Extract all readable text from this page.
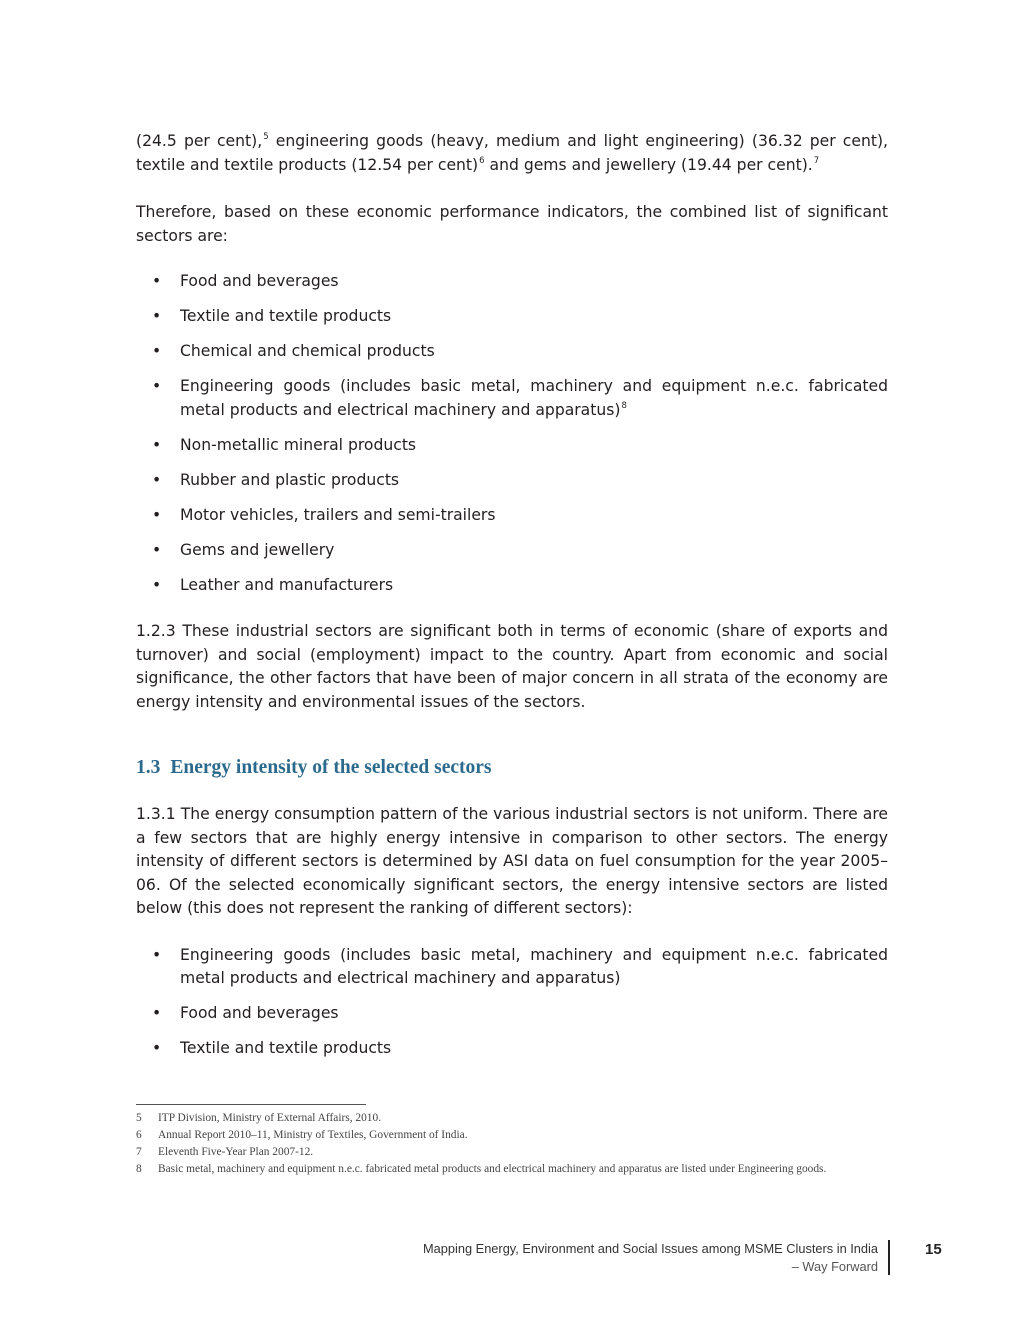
(24.5 per cent),$^5$ engineering goods (heavy, medium and light engineering) (36.32 per cent), textile and textile products (12.54 per cent)$^6$ and gems and jewellery (19.44 per cent).$^7$

Therefore, based on these economic performance indicators, the combined list of significant sectors are:

• Food and beverages
• Textile and textile products
• Chemical and chemical products
• Engineering goods (includes basic metal, machinery and equipment n.e.c. fabricated metal products and electrical machinery and apparatus)$^8$
• Non-metallic mineral products
• Rubber and plastic products
• Motor vehicles, trailers and semi-trailers
• Gems and jewellery
• Leather and manufacturers

1.2.3 These industrial sectors are significant both in terms of economic (share of exports and turnover) and social (employment) impact to the country. Apart from economic and social significance, the other factors that have been of major concern in all strata of the economy are energy intensity and environmental issues of the sectors.

1.3 Energy intensity of the selected sectors

1.3.1 The energy consumption pattern of the various industrial sectors is not uniform. There are a few sectors that are highly energy intensive in comparison to other sectors. The energy intensity of different sectors is determined by ASI data on fuel consumption for the year 2005–06. Of the selected economically significant sectors, the energy intensive sectors are listed below (this does not represent the ranking of different sectors):

• Engineering goods (includes basic metal, machinery and equipment n.e.c. fabricated metal products and electrical machinery and apparatus)
• Food and beverages
• Textile and textile products
5	ITP Division, Ministry of External Affairs, 2010.
6	Annual Report 2010–11, Ministry of Textiles, Government of India.
7	Eleventh Five-Year Plan 2007-12.
8	Basic metal, machinery and equipment n.e.c. fabricated metal products and electrical machinery and apparatus are listed under Engineering goods.
Mapping Energy, Environment and Social Issues among MSME Clusters in India
– Way Forward
15
